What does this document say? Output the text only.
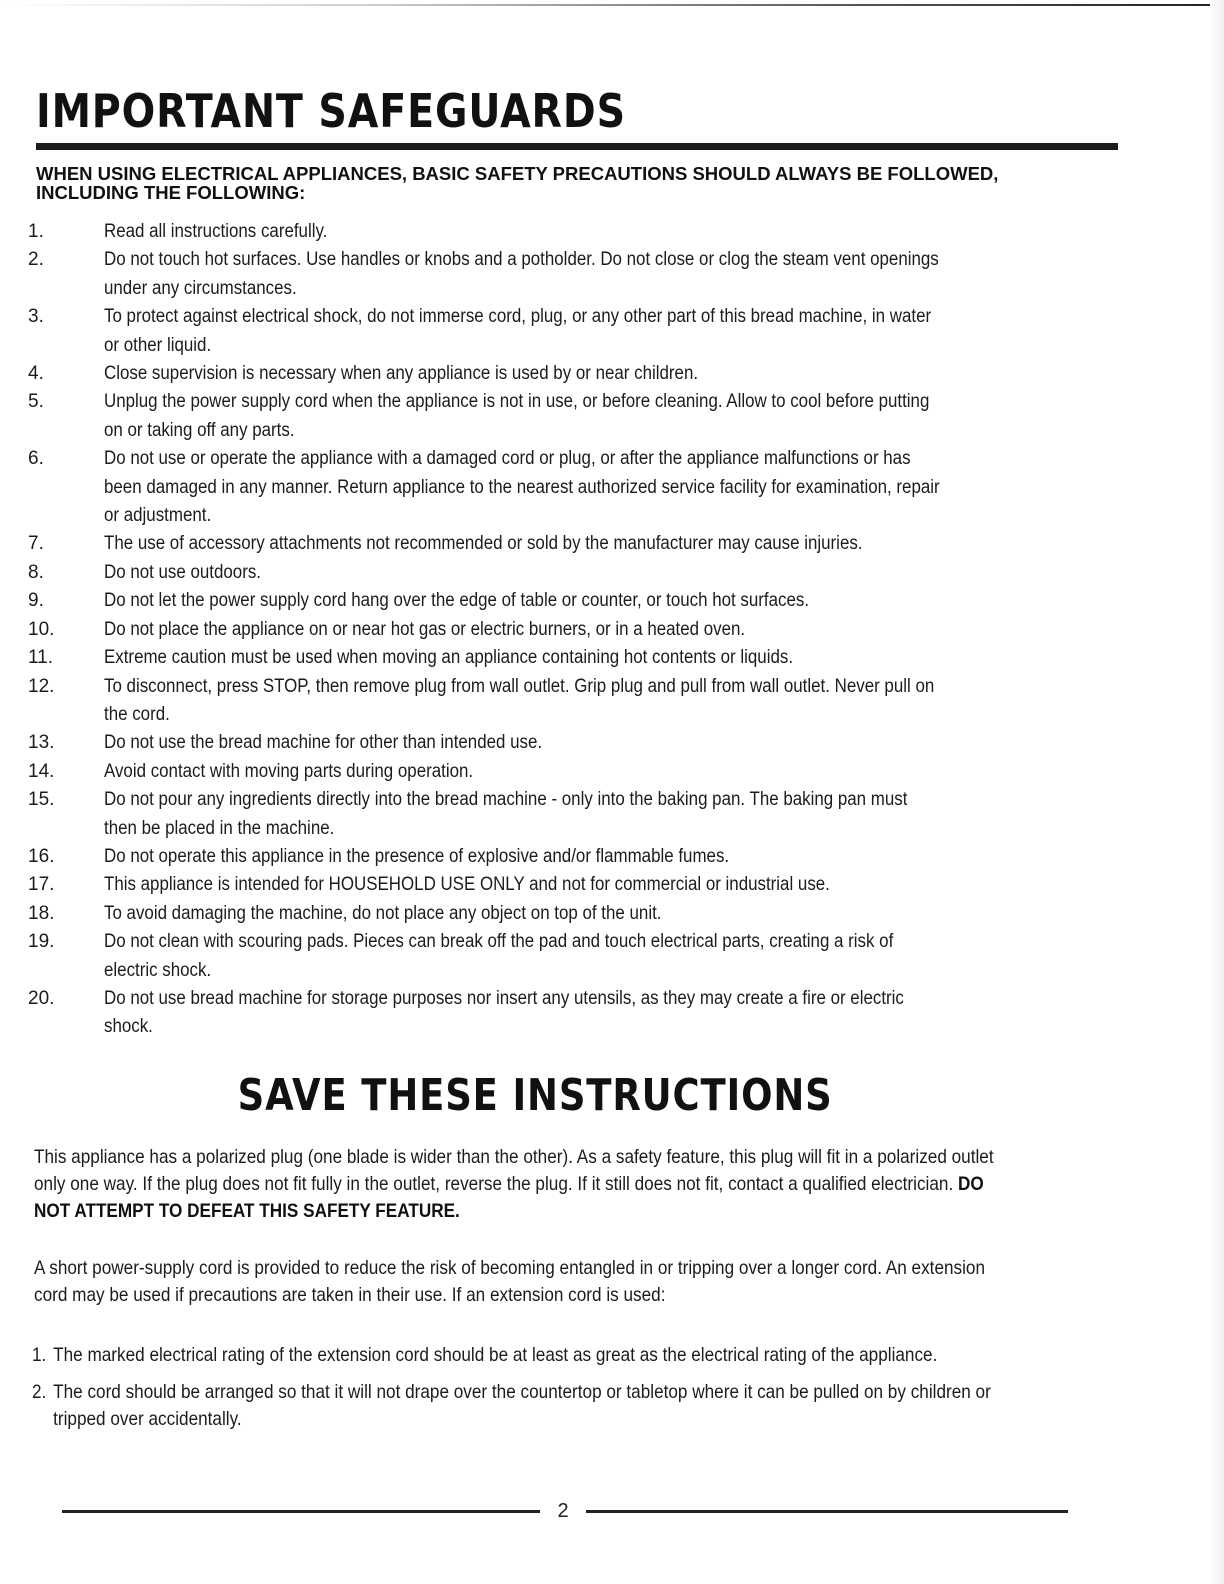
IMPORTANT SAFEGUARDS

WHEN USING ELECTRICAL APPLIANCES, BASIC SAFETY PRECAUTIONS SHOULD ALWAYS BE FOLLOWED, INCLUDING THE FOLLOWING:

1.	Read all instructions carefully.
2.	Do not touch hot surfaces. Use handles or knobs and a potholder. Do not close or clog the steam vent openings under any circumstances.
3.	To protect against electrical shock, do not immerse cord, plug, or any other part of this bread machine, in water or other liquid.
4.	Close supervision is necessary when any appliance is used by or near children.
5.	Unplug the power supply cord when the appliance is not in use, or before cleaning. Allow to cool before putting on or taking off any parts.
6.	Do not use or operate the appliance with a damaged cord or plug, or after the appliance malfunctions or has been damaged in any manner. Return appliance to the nearest authorized service facility for examination, repair or adjustment.
7.	The use of accessory attachments not recommended or sold by the manufacturer may cause injuries.
8.	Do not use outdoors.
9.	Do not let the power supply cord hang over the edge of table or counter, or touch hot surfaces.
10.	Do not place the appliance on or near hot gas or electric burners, or in a heated oven.
11.	Extreme caution must be used when moving an appliance containing hot contents or liquids.
12.	To disconnect, press STOP, then remove plug from wall outlet. Grip plug and pull from wall outlet. Never pull on the cord.
13.	Do not use the bread machine for other than intended use.
14.	Avoid contact with moving parts during operation.
15.	Do not pour any ingredients directly into the bread machine - only into the baking pan. The baking pan must then be placed in the machine.
16.	Do not operate this appliance in the presence of explosive and/or flammable fumes.
17.	This appliance is intended for HOUSEHOLD USE ONLY and not for commercial or industrial use.
18.	To avoid damaging the machine, do not place any object on top of the unit.
19.	Do not clean with scouring pads. Pieces can break off the pad and touch electrical parts, creating a risk of electric shock.
20.	Do not use bread machine for storage purposes nor insert any utensils, as they may create a fire or electric shock.
SAVE THESE INSTRUCTIONS

This appliance has a polarized plug (one blade is wider than the other). As a safety feature, this plug will fit in a polarized outlet only one way. If the plug does not fit fully in the outlet, reverse the plug. If it still does not fit, contact a qualified electrician. DO NOT ATTEMPT TO DEFEAT THIS SAFETY FEATURE.

A short power-supply cord is provided to reduce the risk of becoming entangled in or tripping over a longer cord. An extension cord may be used if precautions are taken in their use. If an extension cord is used:

1. The marked electrical rating of the extension cord should be at least as great as the electrical rating of the appliance.
2. The cord should be arranged so that it will not drape over the countertop or tabletop where it can be pulled on by children or tripped over accidentally.
2
